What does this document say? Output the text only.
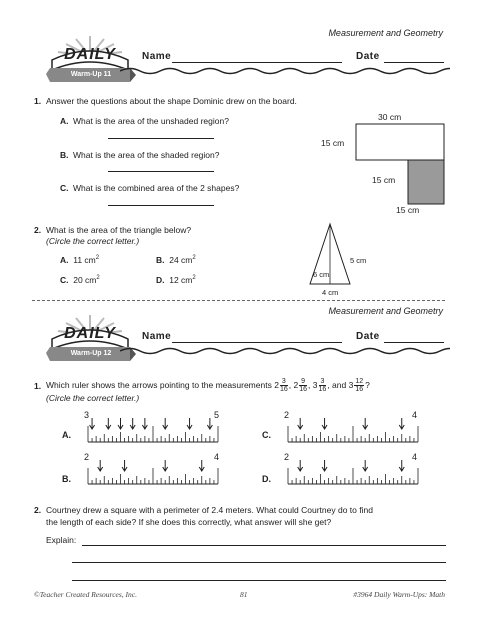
Measurement and Geometry
DAILY
Warm-Up 11
Name	Date
1. Answer the questions about the shape Dominic drew on the board.
A. What is the area of the unshaded region?
B. What is the area of the shaded region?
C. What is the combined area of the 2 shapes?
30 cm
15 cm
15 cm
15 cm
2. What is the area of the triangle below?
(Circle the correct letter.)
A. 11 $cm^2$	B. 24 $cm^2$
C. 20 $cm^2$	D. 12 $cm^2$	6 cm
5 cm
4 cm
Measurement and Geometry
DAILY
Warm-Up 12
Name	Date
1. Which ruler shows the arrows pointing to the measurements $2 \frac{3}{16}$ , $2 \frac{9}{16}$ , $3 \frac{3}{16}$ , and $3 \frac{12}{16}$ ?
(Circle the correct letter.)
A.
3	5
C.
2	4
B.
2	4
D.
2	4
2. Courtney drew a square with a perimeter of 2.4 meters. What could Courtney do to find
the length of each side? If she does this correctly, what answer will she get?
Explain:
©Teacher Created Resources, Inc.	81	#3964 Daily Warm-Ups: Math
